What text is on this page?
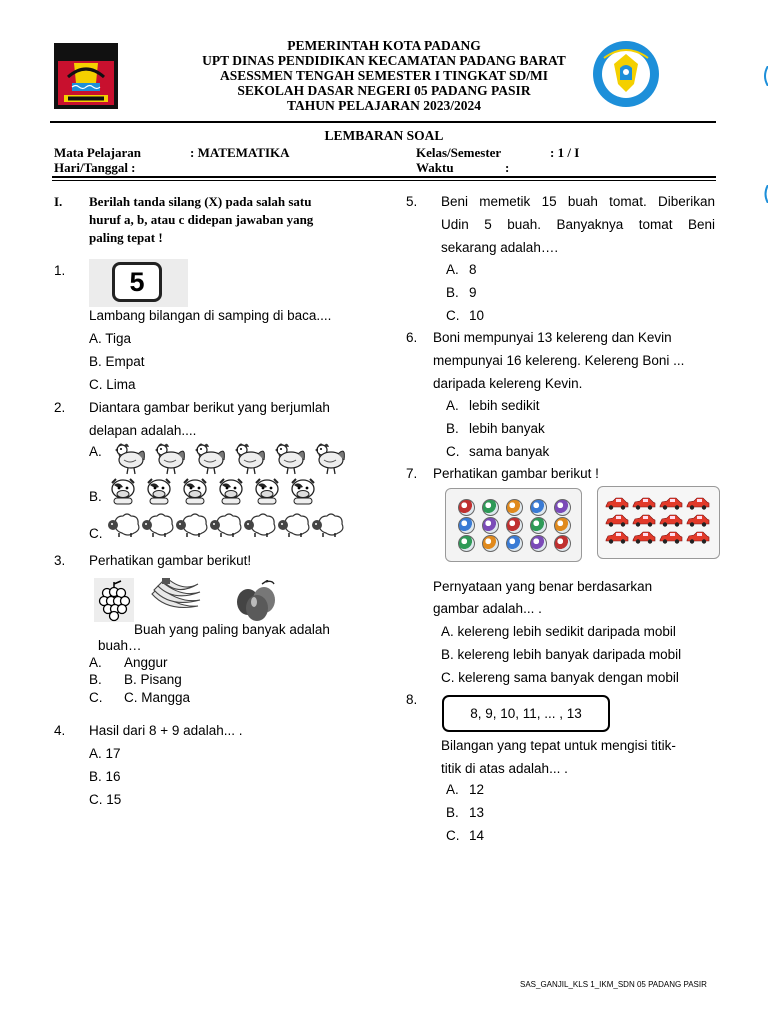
PEMERINTAH KOTA PADANG
UPT DINAS PENDIDIKAN KECAMATAN PADANG BARAT
ASESSMEN TENGAH SEMESTER I TINGKAT SD/MI
SEKOLAH DASAR NEGERI 05 PADANG PASIR
TAHUN PELAJARAN 2023/2024
LEMBARAN SOAL
Mata Pelajaran	: MATEMATIKA	Kelas/Semester	: 1 / I
Hari/Tanggal :	Waktu	:
I. Berilah tanda silang (X) pada salah satu
huruf a, b, atau c didepan jawaban yang
paling tepat !
1.	5
Lambang bilangan di samping di baca....
A. Tiga
B. Empat
C. Lima
2. Diantara gambar berikut yang berjumlah
delapan adalah....
A.
B.
C.
3. Perhatikan gambar berikut!
Buah yang paling banyak adalah
buah…
A. Anggur
B. B. Pisang
C. C. Mangga
4. Hasil dari 8 + 9 adalah... .
A. 17
B. 16
C. 15
5. Beni memetik 15 buah tomat. Diberikan
Udin 5 buah. Banyaknya tomat Beni
sekarang adalah….
A. 8
B. 9
C. 10
6. Boni mempunyai 13 kelereng dan Kevin
mempunyai 16 kelereng. Kelereng Boni ...
daripada kelereng Kevin.
A. lebih sedikit
B. lebih banyak
C. sama banyak
7. Perhatikan gambar berikut !
Pernyataan yang benar berdasarkan
gambar adalah... .
A. kelereng lebih sedikit daripada mobil
B. kelereng lebih banyak daripada mobil
C. kelereng sama banyak dengan mobil
8.
8, 9, 10, 11, ... , 13
Bilangan yang tepat untuk mengisi titik-
titik di atas adalah... .
A. 12
B. 13
C. 14
SAS_GANJIL_KLS 1_IKM_SDN 05 PADANG PASIR
